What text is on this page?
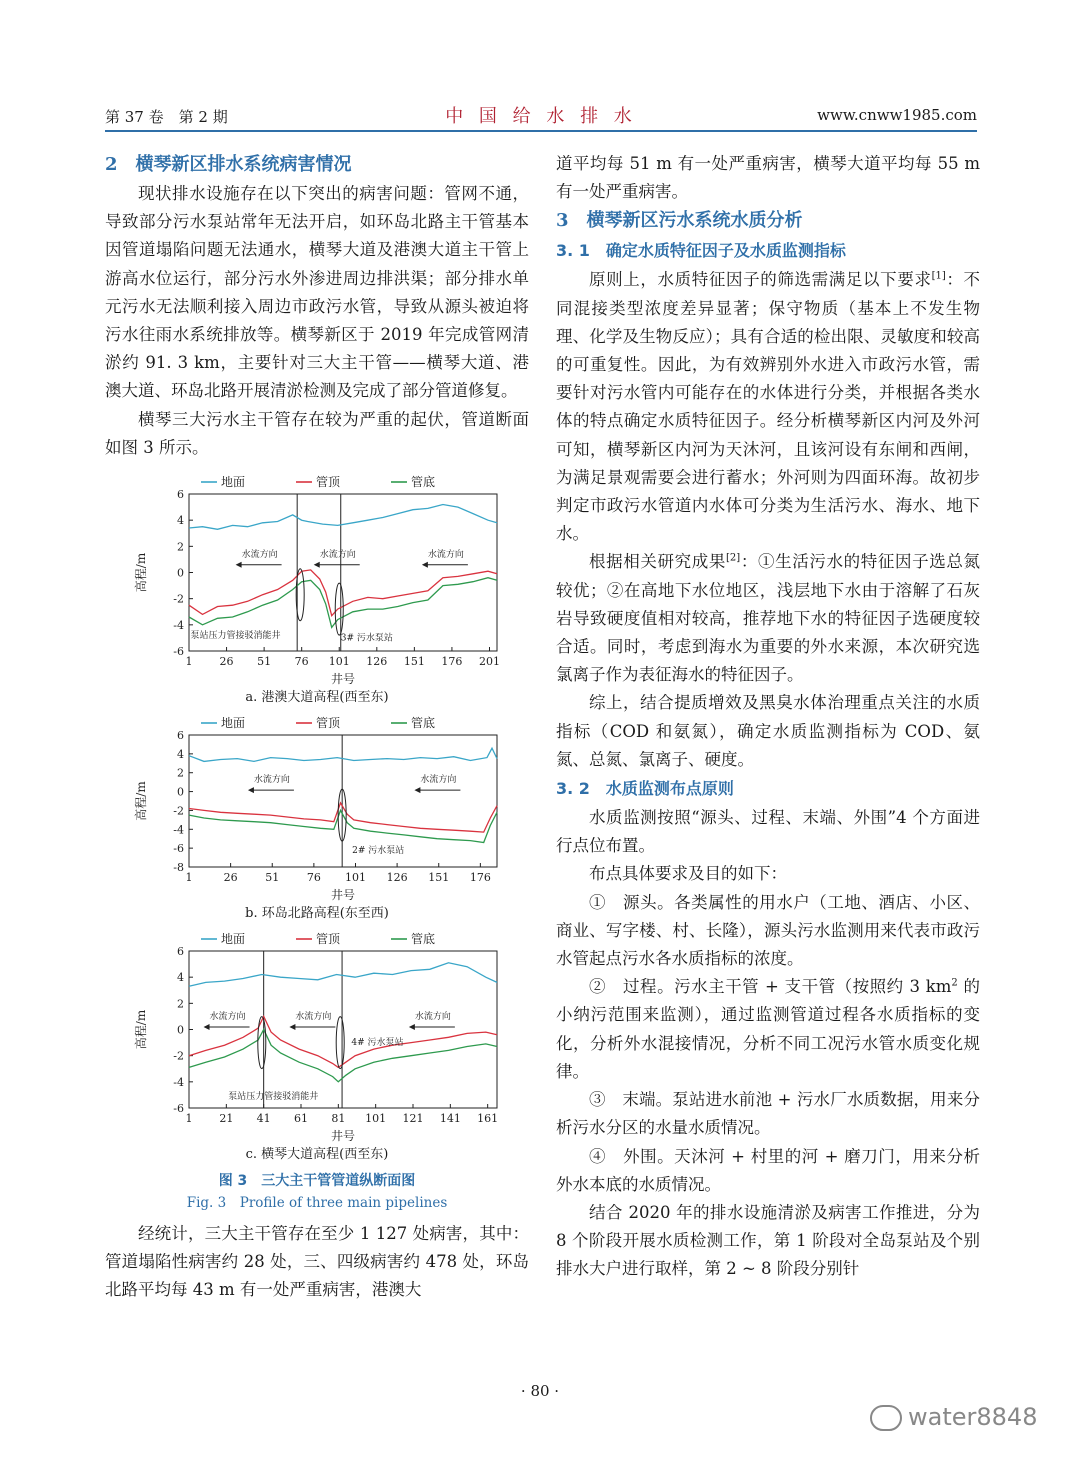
第 37 卷　第 2 期	中 国 给 水 排 水	www.cnww1985.com
2　横琴新区排水系统病害情况

现状排水设施存在以下突出的病害问题：管网不通，导致部分污水泵站常年无法开启，如环岛北路主干管基本因管道塌陷问题无法通水，横琴大道及港澳大道主干管上游高水位运行，部分污水外渗进周边排洪渠；部分排水单元污水无法顺利接入周边市政污水管，导致从源头被迫将污水往雨水系统排放等。横琴新区于 2019 年完成管网清淤约 91. 3 km，主要针对三大主干管——横琴大道、港澳大道、环岛北路开展清淤检测及完成了部分管道修复。

横琴三大污水主干管存在较为严重的起伏，管道断面如图 3 所示。

地面	管顶	管底
-6
-4
-2
0
2
4
6
1 26 51 76 101 126 151 176 201
井号
高程/m	水流方向	水流方向	水流方向
泵站压力管接驳消能井	3# 污水泵站
a. 港澳大道高程(西至东)
地面	管顶	管底
-8
-6
-4
-2
0
2
4
6
1	26	51	76 101 126 151 176
井号
高程/m
水流方向	水流方向
2# 污水泵站
b. 环岛北路高程(东至西)
地面	管顶	管底
-6
-4
-2
0
2
4
6
1 21 41 61 81 101 121 141 161
井号
高程/m	水流方向	水流方向	水流方向
4# 污水泵站
泵站压力管接驳消能井
c. 横琴大道高程(西至东)
图 3　三大主干管管道纵断面图
Fig. 3　Profile of three main pipelines

经统计，三大主干管存在至少 1 127 处病害，其中：管道塌陷性病害约 28 处，三、四级病害约 478 处，环岛北路平均每 43 m 有一处严重病害，港澳大

道平均每 51 m 有一处严重病害，横琴大道平均每 55 m 有一处严重病害。

3　横琴新区污水系统水质分析
3. 1　确定水质特征因子及水质监测指标

原则上，水质特征因子的筛选需满足以下要求[1]：不同混接类型浓度差异显著；保守物质（基本上不发生物理、化学及生物反应）；具有合适的检出限、灵敏度和较高的可重复性。因此，为有效辨别外水进入市政污水管，需要针对污水管内可能存在的水体进行分类，并根据各类水体的特点确定水质特征因子。经分析横琴新区内河及外河可知，横琴新区内河为天沐河，且该河设有东闸和西闸，为满足景观需要会进行蓄水；外河则为四面环海。故初步判定市政污水管道内水体可分类为生活污水、海水、地下水。

根据相关研究成果[2]：①生活污水的特征因子选总氮较优；②在高地下水位地区，浅层地下水由于溶解了石灰岩导致硬度值相对较高，推荐地下水的特征因子选硬度较合适。同时，考虑到海水为重要的外水来源，本次研究选氯离子作为表征海水的特征因子。

综上，结合提质增效及黑臭水体治理重点关注的水质指标（COD 和氨氮），确定水质监测指标为 COD、氨氮、总氮、氯离子、硬度。

3. 2　水质监测布点原则

水质监测按照“源头、过程、末端、外围”4 个方面进行点位布置。

布点具体要求及目的如下：

①　源头。各类属性的用水户（工地、酒店、小区、商业、写字楼、村、长隆），源头污水监测用来代表市政污水管起点污水各水质指标的浓度。

②　过程。污水主干管 + 支干管（按照约 3 $km^2$ 的小纳污范围来监测），通过监测管道过程各水质指标的变化，分析外水混接情况，分析不同工况污水管水质变化规律。

③　末端。泵站进水前池 + 污水厂水质数据，用来分析污水分区的水量水质情况。

④　外围。天沐河 + 村里的河 + 磨刀门，用来分析外水本底的水质情况。

结合 2020 年的排水设施清淤及病害工作推进，分为 8 个阶段开展水质检测工作，第 1 阶段对全岛泵站及个别排水大户进行取样，第 2 ~ 8 阶段分别针

· 80 ·
water8848
